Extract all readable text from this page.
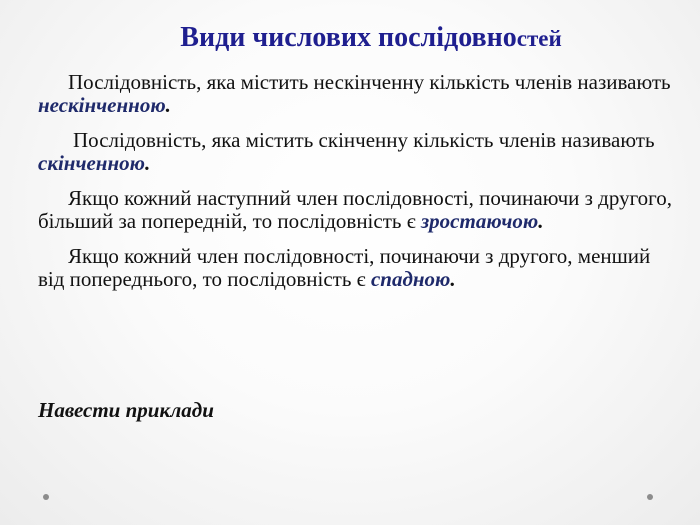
Види числових послідовностей

Послідовність, яка містить нескінченну кількість членів називають нескінченною.

Послідовність, яка містить скінченну кількість членів називають скінченною.

Якщо кожний наступний член послідовності, починаючи з другого, більший за попередній, то послідовність є зростаючою.

Якщо кожний член послідовності, починаючи з другого, менший від попереднього, то послідовність є спадною.

Навести приклади
